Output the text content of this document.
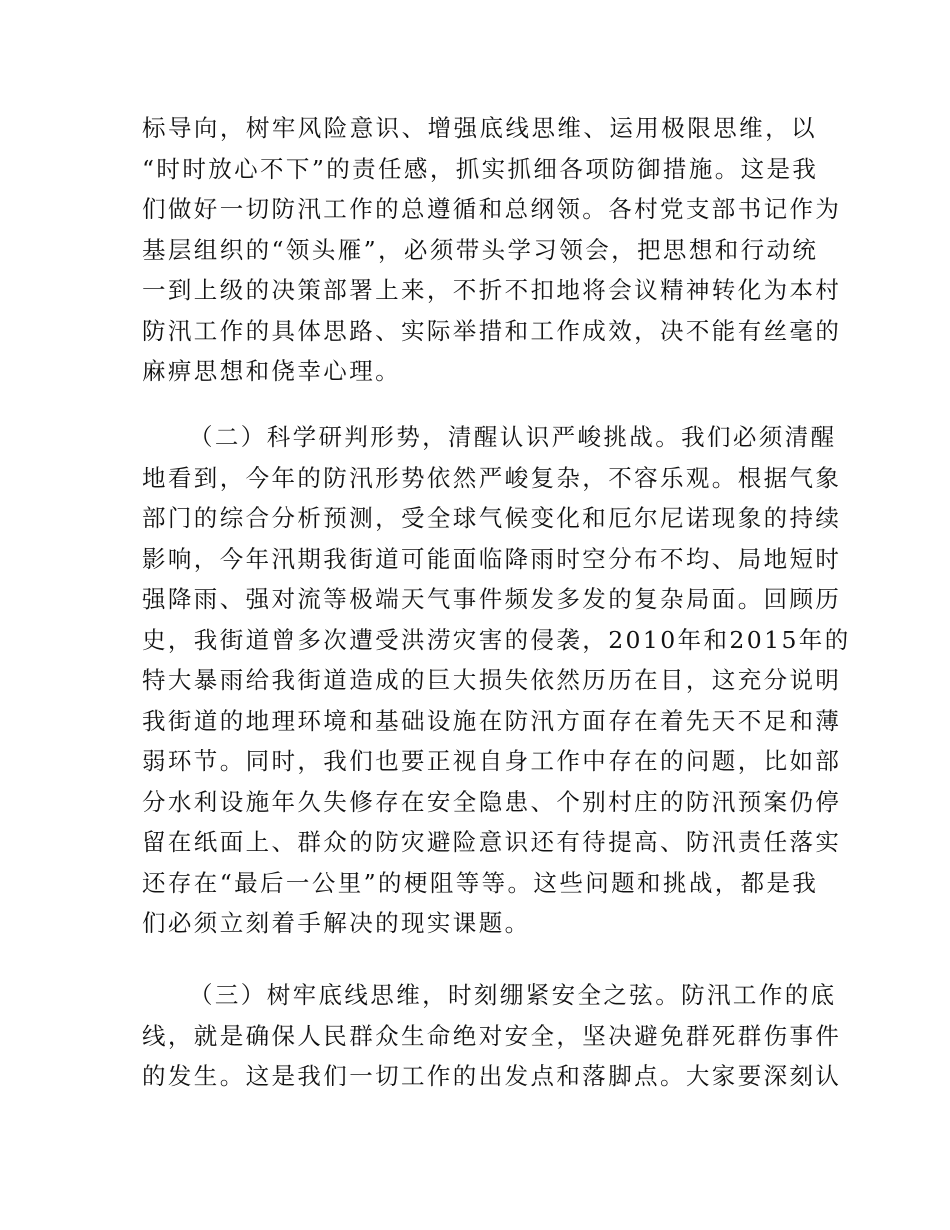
标导向，树牢风险意识、增强底线思维、运用极限思维，以
“时时放心不下”的责任感，抓实抓细各项防御措施。这是我
们做好一切防汛工作的总遵循和总纲领。各村党支部书记作为
基层组织的“领头雁”，必须带头学习领会，把思想和行动统
一到上级的决策部署上来，不折不扣地将会议精神转化为本村
防汛工作的具体思路、实际举措和工作成效，决不能有丝毫的
麻痹思想和侥幸心理。
（二）科学研判形势，清醒认识严峻挑战。我们必须清醒
地看到，今年的防汛形势依然严峻复杂，不容乐观。根据气象
部门的综合分析预测，受全球气候变化和厄尔尼诺现象的持续
影响，今年汛期我街道可能面临降雨时空分布不均、局地短时
强降雨、强对流等极端天气事件频发多发的复杂局面。回顾历
史，我街道曾多次遭受洪涝灾害的侵袭，2010年和2015年的
特大暴雨给我街道造成的巨大损失依然历历在目，这充分说明
我街道的地理环境和基础设施在防汛方面存在着先天不足和薄
弱环节。同时，我们也要正视自身工作中存在的问题，比如部
分水利设施年久失修存在安全隐患、个别村庄的防汛预案仍停
留在纸面上、群众的防灾避险意识还有待提高、防汛责任落实
还存在“最后一公里”的梗阻等等。这些问题和挑战，都是我
们必须立刻着手解决的现实课题。
（三）树牢底线思维，时刻绷紧安全之弦。防汛工作的底
线，就是确保人民群众生命绝对安全，坚决避免群死群伤事件
的发生。这是我们一切工作的出发点和落脚点。大家要深刻认
